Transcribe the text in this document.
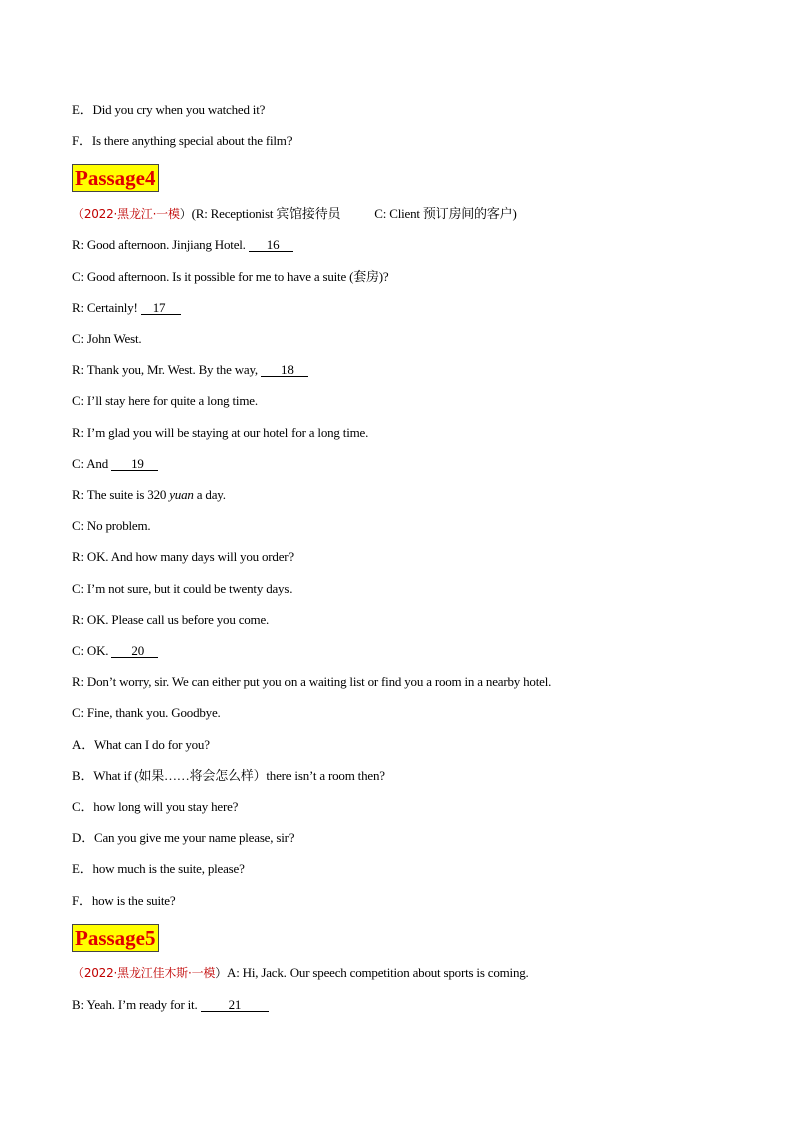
E．Did you cry when you watched it?
F．Is there anything special about the film?
Passage4
（2022·黑龙江·一模）(R: Receptionist 宾馆接待员	C: Client 预订房间的客户)
R: Good afternoon. Jinjiang Hotel. 16
C: Good afternoon. Is it possible for me to have a suite (套房)?
R: Certainly! 17
C: John West.
R: Thank you, Mr. West. By the way, 18
C: I’ll stay here for quite a long time.
R: I’m glad you will be staying at our hotel for a long time.
C: And 19
R: The suite is 320 yuan a day.
C: No problem.
R: OK. And how many days will you order?
C: I’m not sure, but it could be twenty days.
R: OK. Please call us before you come.
C: OK. 20
R: Don’t worry, sir. We can either put you on a waiting list or find you a room in a nearby hotel.
C: Fine, thank you. Goodbye.
A．What can I do for you?
B．What if (如果……将会怎么样）there isn’t a room then?
C．how long will you stay here?
D．Can you give me your name please, sir?
E．how much is the suite, please?
F．how is the suite?
Passage5
（2022·黑龙江佳木斯·一模）A: Hi, Jack. Our speech competition about sports is coming.
B: Yeah. I’m ready for it. 21
